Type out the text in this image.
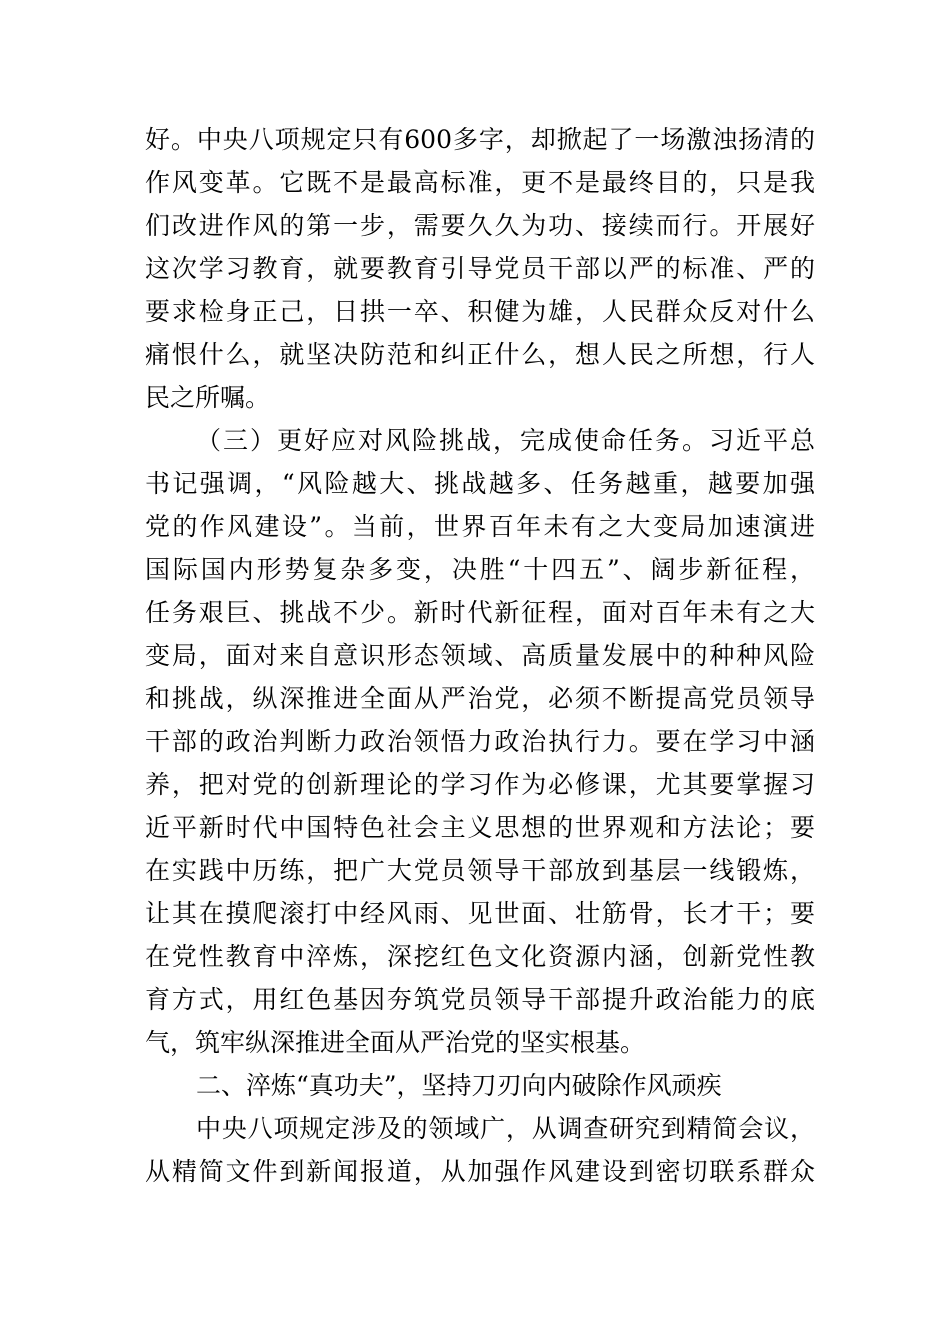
好。中央八项规定只有600多字，却掀起了一场激浊扬清的
作风变革。它既不是最高标准，更不是最终目的，只是我
们改进作风的第一步，需要久久为功、接续而行。开展好
这次学习教育，就要教育引导党员干部以严的标准、严的
要求检身正己，日拱一卒、积健为雄，人民群众反对什么
痛恨什么，就坚决防范和纠正什么，想人民之所想，行人
民之所嘱。
（三）更好应对风险挑战，完成使命任务。习近平总
书记强调，“风险越大、挑战越多、任务越重，越要加强
党的作风建设”。当前，世界百年未有之大变局加速演进
国际国内形势复杂多变，决胜“十四五”、阔步新征程，
任务艰巨、挑战不少。新时代新征程，面对百年未有之大
变局，面对来自意识形态领域、高质量发展中的种种风险
和挑战，纵深推进全面从严治党，必须不断提高党员领导
干部的政治判断力政治领悟力政治执行力。要在学习中涵
养，把对党的创新理论的学习作为必修课，尤其要掌握习
近平新时代中国特色社会主义思想的世界观和方法论；要
在实践中历练，把广大党员领导干部放到基层一线锻炼，
让其在摸爬滚打中经风雨、见世面、壮筋骨，长才干；要
在党性教育中淬炼，深挖红色文化资源内涵，创新党性教
育方式，用红色基因夯筑党员领导干部提升政治能力的底
气，筑牢纵深推进全面从严治党的坚实根基。
二、淬炼“真功夫”，坚持刀刃向内破除作风顽疾
中央八项规定涉及的领域广，从调查研究到精简会议，
从精简文件到新闻报道，从加强作风建设到密切联系群众
